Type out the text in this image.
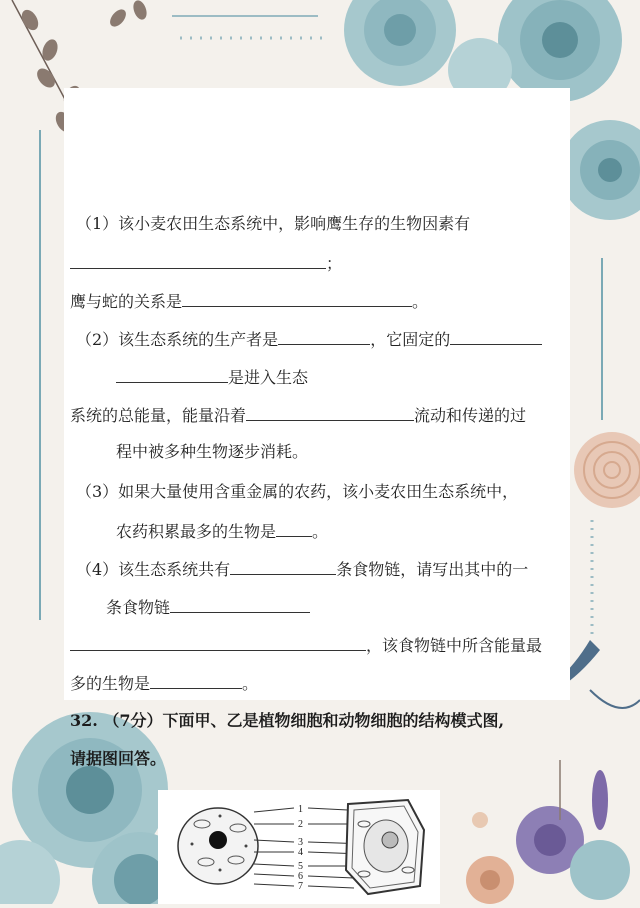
（1）该小麦农田生态系统中，影响鹰生存的生物因素有
；
鹰与蛇的关系是	。
（2）该生态系统的生产者是	，它固定的
是进入生态
系统的总能量，能量沿着	流动和传递的过
程中被多种生物逐步消耗。
（3）如果大量使用含重金属的农药，该小麦农田生态系统中，
农药积累最多的生物是 。
（4）该生态系统共有	条食物链，请写出其中的一
条食物链
，该食物链中所含能量最
多的生物是	。
32. （7分）下面甲、乙是植物细胞和动物细胞的结构模式图,
请据图回答。
1
2
3
4
5
6
7
